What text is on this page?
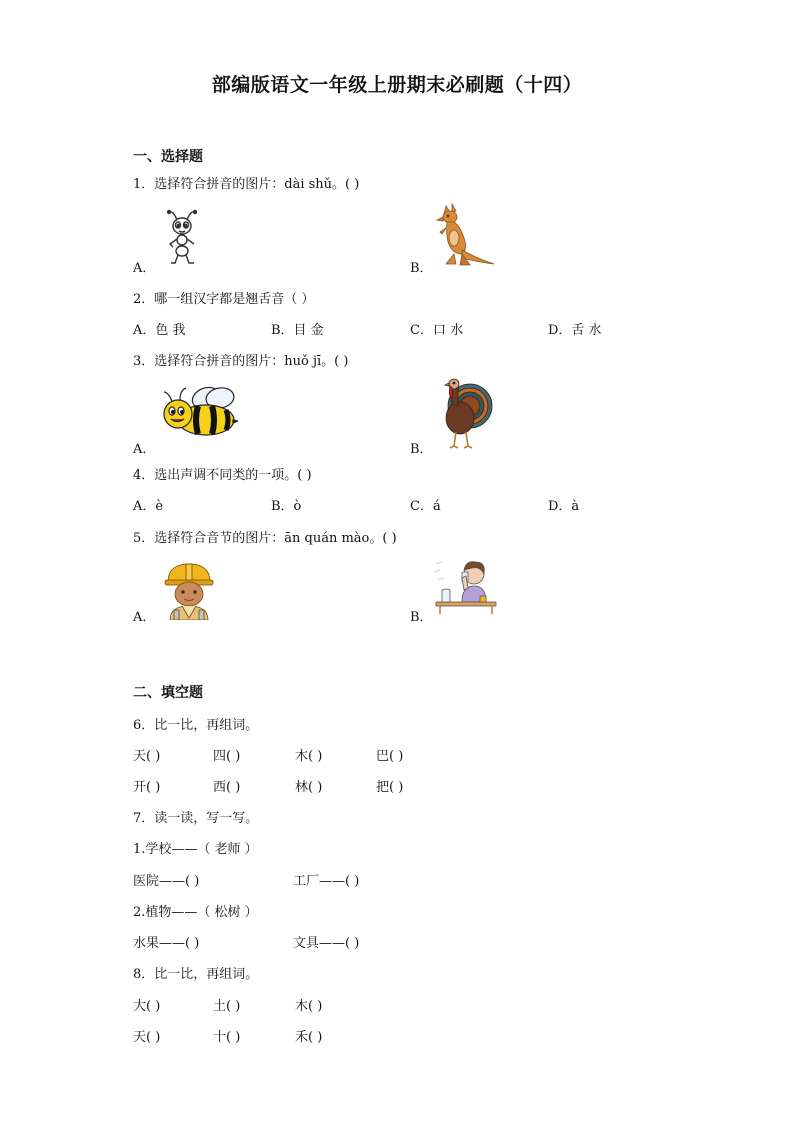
部编版语文一年级上册期末必刷题（十四）
一、选择题
1．选择符合拼音的图片：dài shǔ。( )
A．	B．
2．哪一组汉字都是翘舌音（ ）
A．色 我	B．目 金	C．口 水	D．舌 水
3．选择符合拼音的图片：huǒ jī。( )
A．	B．
4．选出声调不同类的一项。( )
A．è	B．ò	C．á	D．à
5．选择符合音节的图片：ān quán mào。( )
A．	B．
二、填空题
6．比一比，再组词。
天( )	四( )	木( )	巴( )
开( )	西( )	林( )	把( )
7．读一读，写一写。
1.学校——（ 老师 ）
医院——( )	工厂——( )
2.植物——（ 松树 ）
水果——( )	文具——( )
8．比一比，再组词。
大( )	土( )	木( )
天( )	十( )	禾( )
